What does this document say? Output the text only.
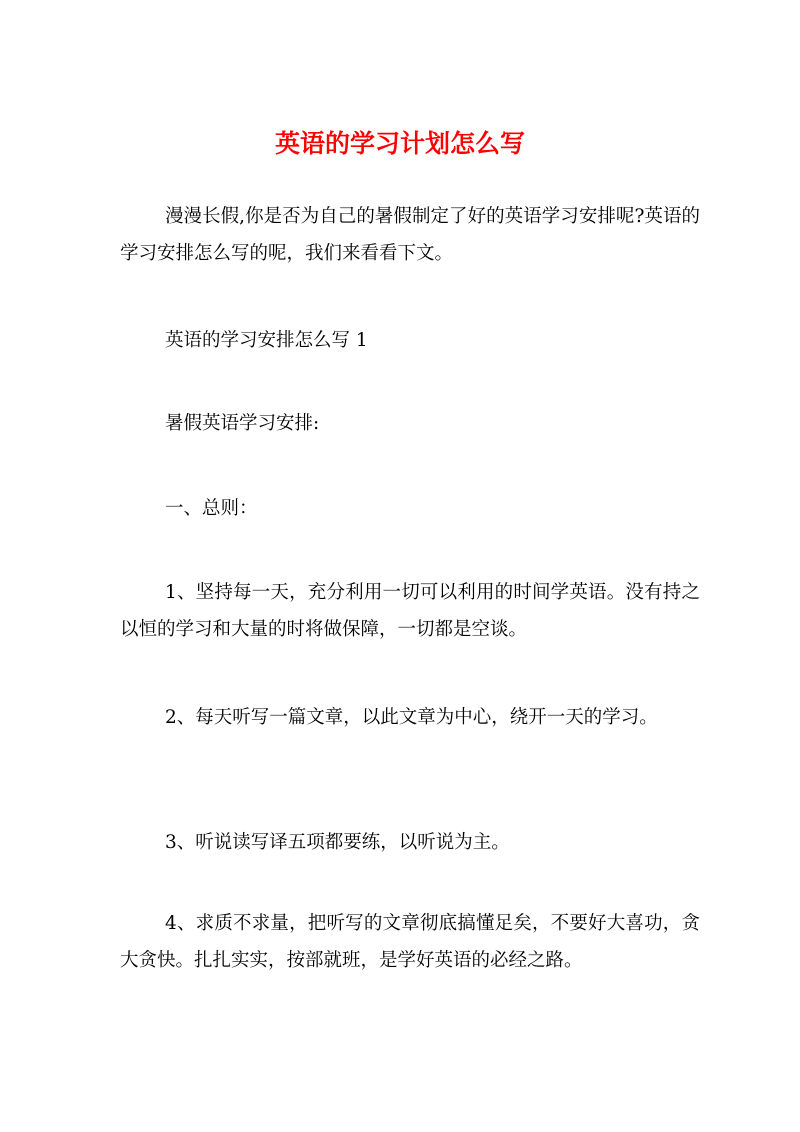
英语的学习计划怎么写

漫漫长假,你是否为自己的暑假制定了好的英语学习安排呢?英语的学习安排怎么写的呢，我们来看看下文。

英语的学习安排怎么写 1

暑假英语学习安排:

一、总则：

1、坚持每一天，充分利用一切可以利用的时间学英语。没有持之以恒的学习和大量的时将做保障，一切都是空谈。

2、每天听写一篇文章，以此文章为中心，绕开一天的学习。

3、听说读写译五项都要练，以听说为主。

4、求质不求量，把听写的文章彻底搞懂足矣，不要好大喜功，贪大贪快。扎扎实实，按部就班，是学好英语的必经之路。
